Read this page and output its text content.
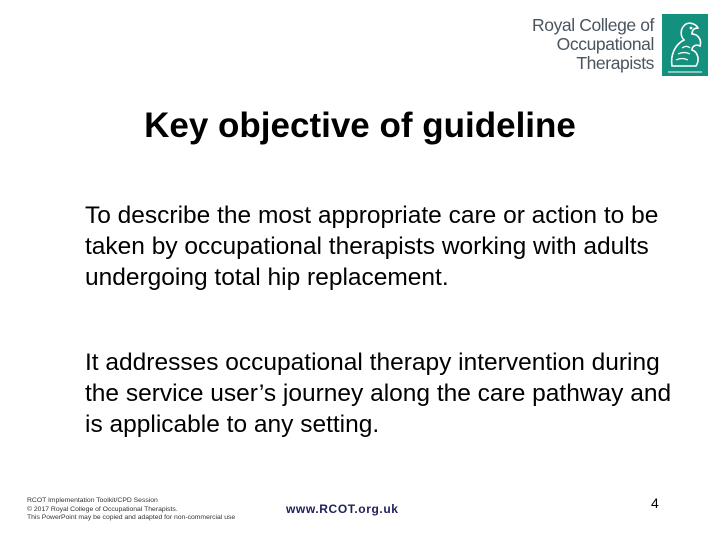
Royal College of
Occupational
Therapists
Key objective of guideline

To describe the most appropriate care or action to be taken by occupational therapists working with adults undergoing total hip replacement.

It addresses occupational therapy intervention during the service user’s journey along the care pathway and is applicable to any setting.

RCOT Implementation Toolkit/CPD Session
© 2017 Royal College of Occupational Therapists.
This PowerPoint may be copied and adapted for non-commercial use
www.RCOT.org.uk	4
